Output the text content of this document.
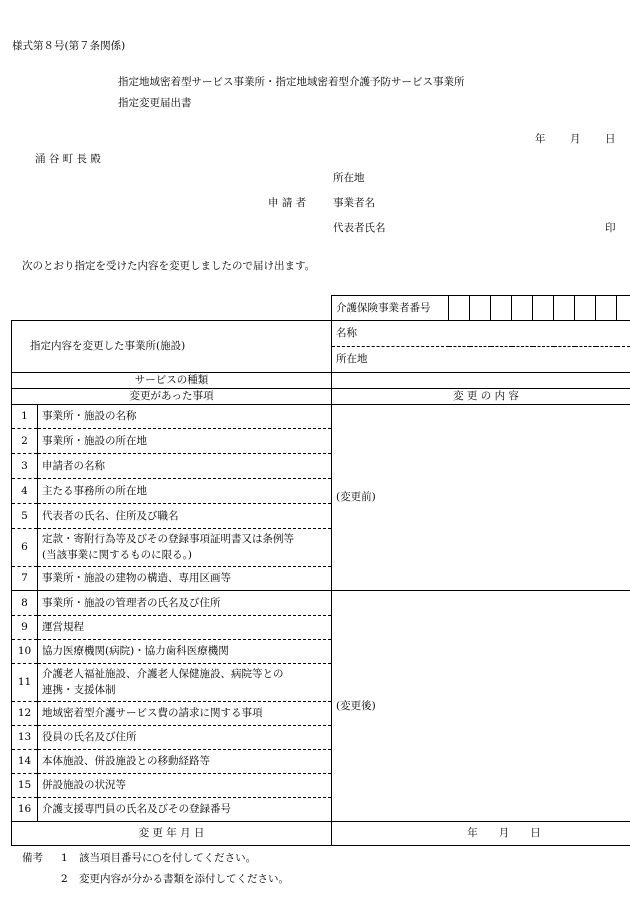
様式第８号(第７条関係)
指定地域密着型サービス事業所・指定地域密着型介護予防サービス事業所
指定変更届出書
年 月 日
涌 谷 町 長 殿
所在地
申 請 者	事業者名
代表者氏名	印
次のとおり指定を受けた内容を変更しましたので届け出ます。
		介護保険事業者番号										
指定内容を変更した事業所(施設)		名称										
		所在地										
サービスの種類												
変更があった事項		変 更 の 内 容										
1	事業所・施設の名称	(変更前)										
2	事業所・施設の所在地											
3	申請者の名称											
4	主たる事務所の所在地											
5	代表者の氏名、住所及び職名											
6	定款・寄附行為等及びその登録事項証明書又は条例等
(当該事業に関するものに限る。)											

7	事業所・施設の建物の構造、専用区画等											
8	事業所・施設の管理者の氏名及び住所	(変更後)										
9	運営規程											
10	協力医療機関(病院)・協力歯科医療機関											
11	介護老人福祉施設、介護老人保健施設、病院等との
連携・支援体制											

12	地域密着型介護サービス費の請求に関する事項											
13	役員の氏名及び住所											
14	本体施設、併設施設との移動経路等											
15	併設施設の状況等											
16	介護支援専門員の氏名及びその登録番号											
変 更 年 月 日		年　　月　　日										
備考 1 該当項目番号に○を付してください。
2 変更内容が分かる書類を添付してください。
